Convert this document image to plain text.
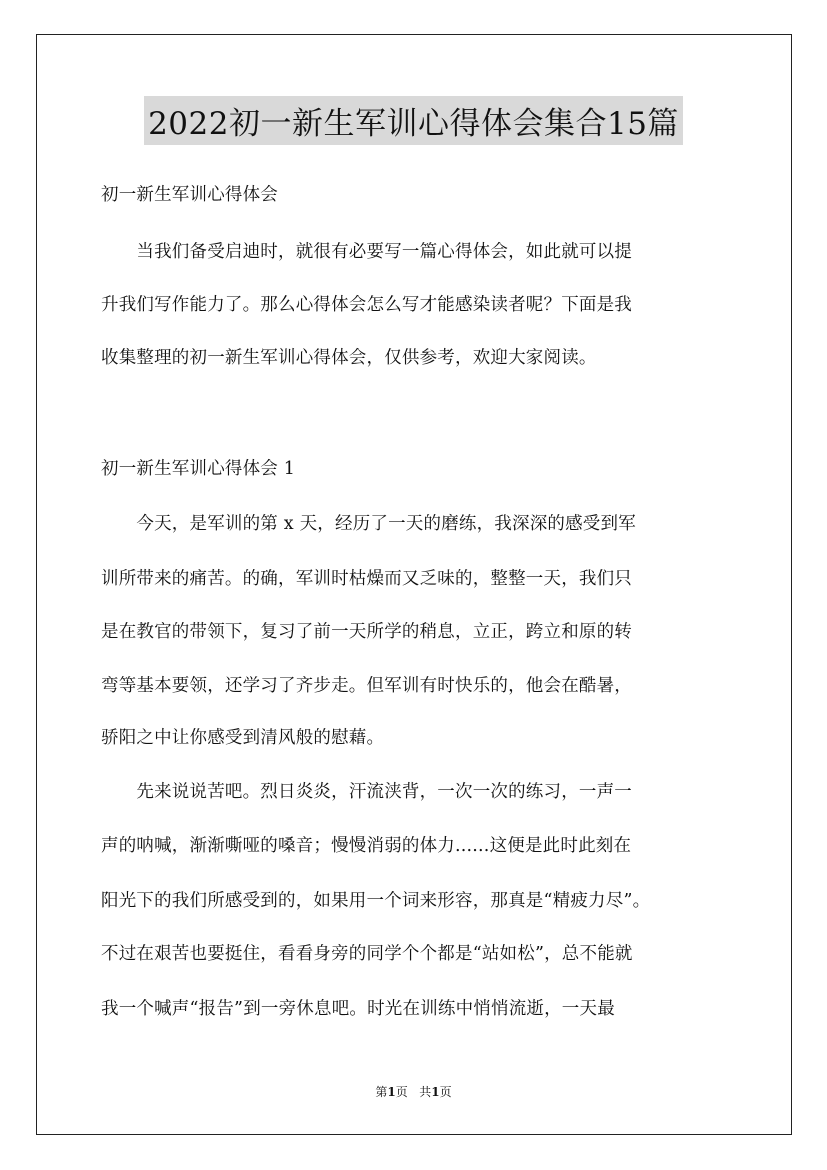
2022初一新生军训心得体会集合15篇
初一新生军训心得体会
　　当我们备受启迪时，就很有必要写一篇心得体会，如此就可以提
升我们写作能力了。那么心得体会怎么写才能感染读者呢？下面是我
收集整理的初一新生军训心得体会，仅供参考，欢迎大家阅读。
初一新生军训心得体会 1
　　今天，是军训的第 x 天，经历了一天的磨练，我深深的感受到军
训所带来的痛苦。的确，军训时枯燥而又乏味的，整整一天，我们只
是在教官的带领下，复习了前一天所学的稍息，立正，跨立和原的转
弯等基本要领，还学习了齐步走。但军训有时快乐的，他会在酷暑，
骄阳之中让你感受到清风般的慰藉。
　　先来说说苦吧。烈日炎炎，汗流浃背，一次一次的练习，一声一
声的呐喊，渐渐嘶哑的嗓音；慢慢消弱的体力......这便是此时此刻在
阳光下的我们所感受到的，如果用一个词来形容，那真是“精疲力尽”。
不过在艰苦也要挺住，看看身旁的同学个个都是“站如松”，总不能就
我一个喊声“报告”到一旁休息吧。时光在训练中悄悄流逝，一天最
第1页 共1页
